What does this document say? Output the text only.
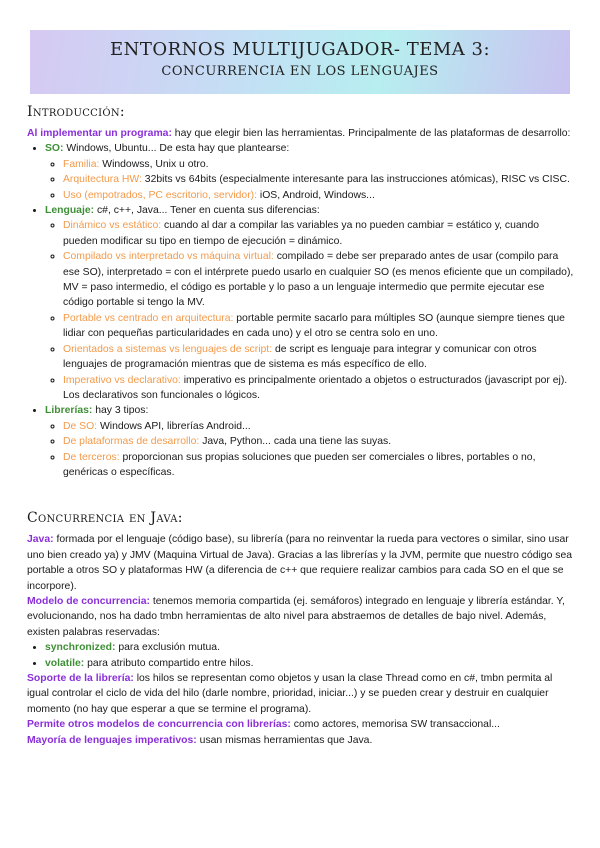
ENTORNOS MULTIJUGADOR- TEMA 3:
CONCURRENCIA EN LOS LENGUAJES
Introducción:

Al implementar un programa: hay que elegir bien las herramientas. Principalmente de las plataformas de desarrollo:

• SO: Windows, Ubuntu... De esta hay que plantearse:
◦ Familia: Windowss, Unix u otro.
◦ Arquitectura HW: 32bits vs 64bits (especialmente interesante para las instrucciones atómicas), RISC vs CISC.
◦ Uso (empotrados, PC escritorio, servidor): iOS, Android, Windows...
• Lenguaje: c#, c++, Java... Tener en cuenta sus diferencias:
◦ Dinámico vs estático: cuando al dar a compilar las variables ya no pueden cambiar = estático y, cuando pueden modificar su tipo en tiempo de ejecución = dinámico.
◦ Compilado vs interpretado vs máquina virtual: compilado = debe ser preparado antes de usar (compilo para ese SO), interpretado = con el intérprete puedo usarlo en cualquier SO (es menos eficiente que un compilado), MV = paso intermedio, el código es portable y lo paso a un lenguaje intermedio que permite ejecutar ese código portable si tengo la MV.
◦ Portable vs centrado en arquitectura: portable permite sacarlo para múltiples SO (aunque siempre tienes que lidiar con pequeñas particularidades en cada uno) y el otro se centra solo en uno.
◦ Orientados a sistemas vs lenguajes de script: de script es lenguaje para integrar y comunicar con otros lenguajes de programación mientras que de sistema es más específico de ello.
◦ Imperativo vs declarativo: imperativo es principalmente orientado a objetos o estructurados (javascript por ej). Los declarativos son funcionales o lógicos.
• Librerías: hay 3 tipos:
◦ De SO: Windows API, librerías Android...
◦ De plataformas de desarrollo: Java, Python... cada una tiene las suyas.
◦ De terceros: proporcionan sus propias soluciones que pueden ser comerciales o libres, portables o no, genéricas o específicas.
Concurrencia en Java:

Java: formada por el lenguaje (código base), su librería (para no reinventar la rueda para vectores o similar, sino usar uno bien creado ya) y JMV (Maquina Virtual de Java). Gracias a las librerías y la JVM, permite que nuestro código sea portable a otros SO y plataformas HW (a diferencia de c++ que requiere realizar cambios para cada SO en el que se incorpore).

Modelo de concurrencia: tenemos memoria compartida (ej. semáforos) integrado en lenguaje y librería estándar. Y, evolucionando, nos ha dado tmbn herramientas de alto nivel para abstraemos de detalles de bajo nivel. Además, existen palabras reservadas:

• synchronized: para exclusión mutua.
• volatile: para atributo compartido entre hilos.

Soporte de la librería: los hilos se representan como objetos y usan la clase Thread como en c#, tmbn permita al igual controlar el ciclo de vida del hilo (darle nombre, prioridad, iniciar...) y se pueden crear y destruir en cualquier momento (no hay que esperar a que se termine el programa).

Permite otros modelos de concurrencia con librerías: como actores, memorisa SW transaccional...

Mayoría de lenguajes imperativos: usan mismas herramientas que Java.
